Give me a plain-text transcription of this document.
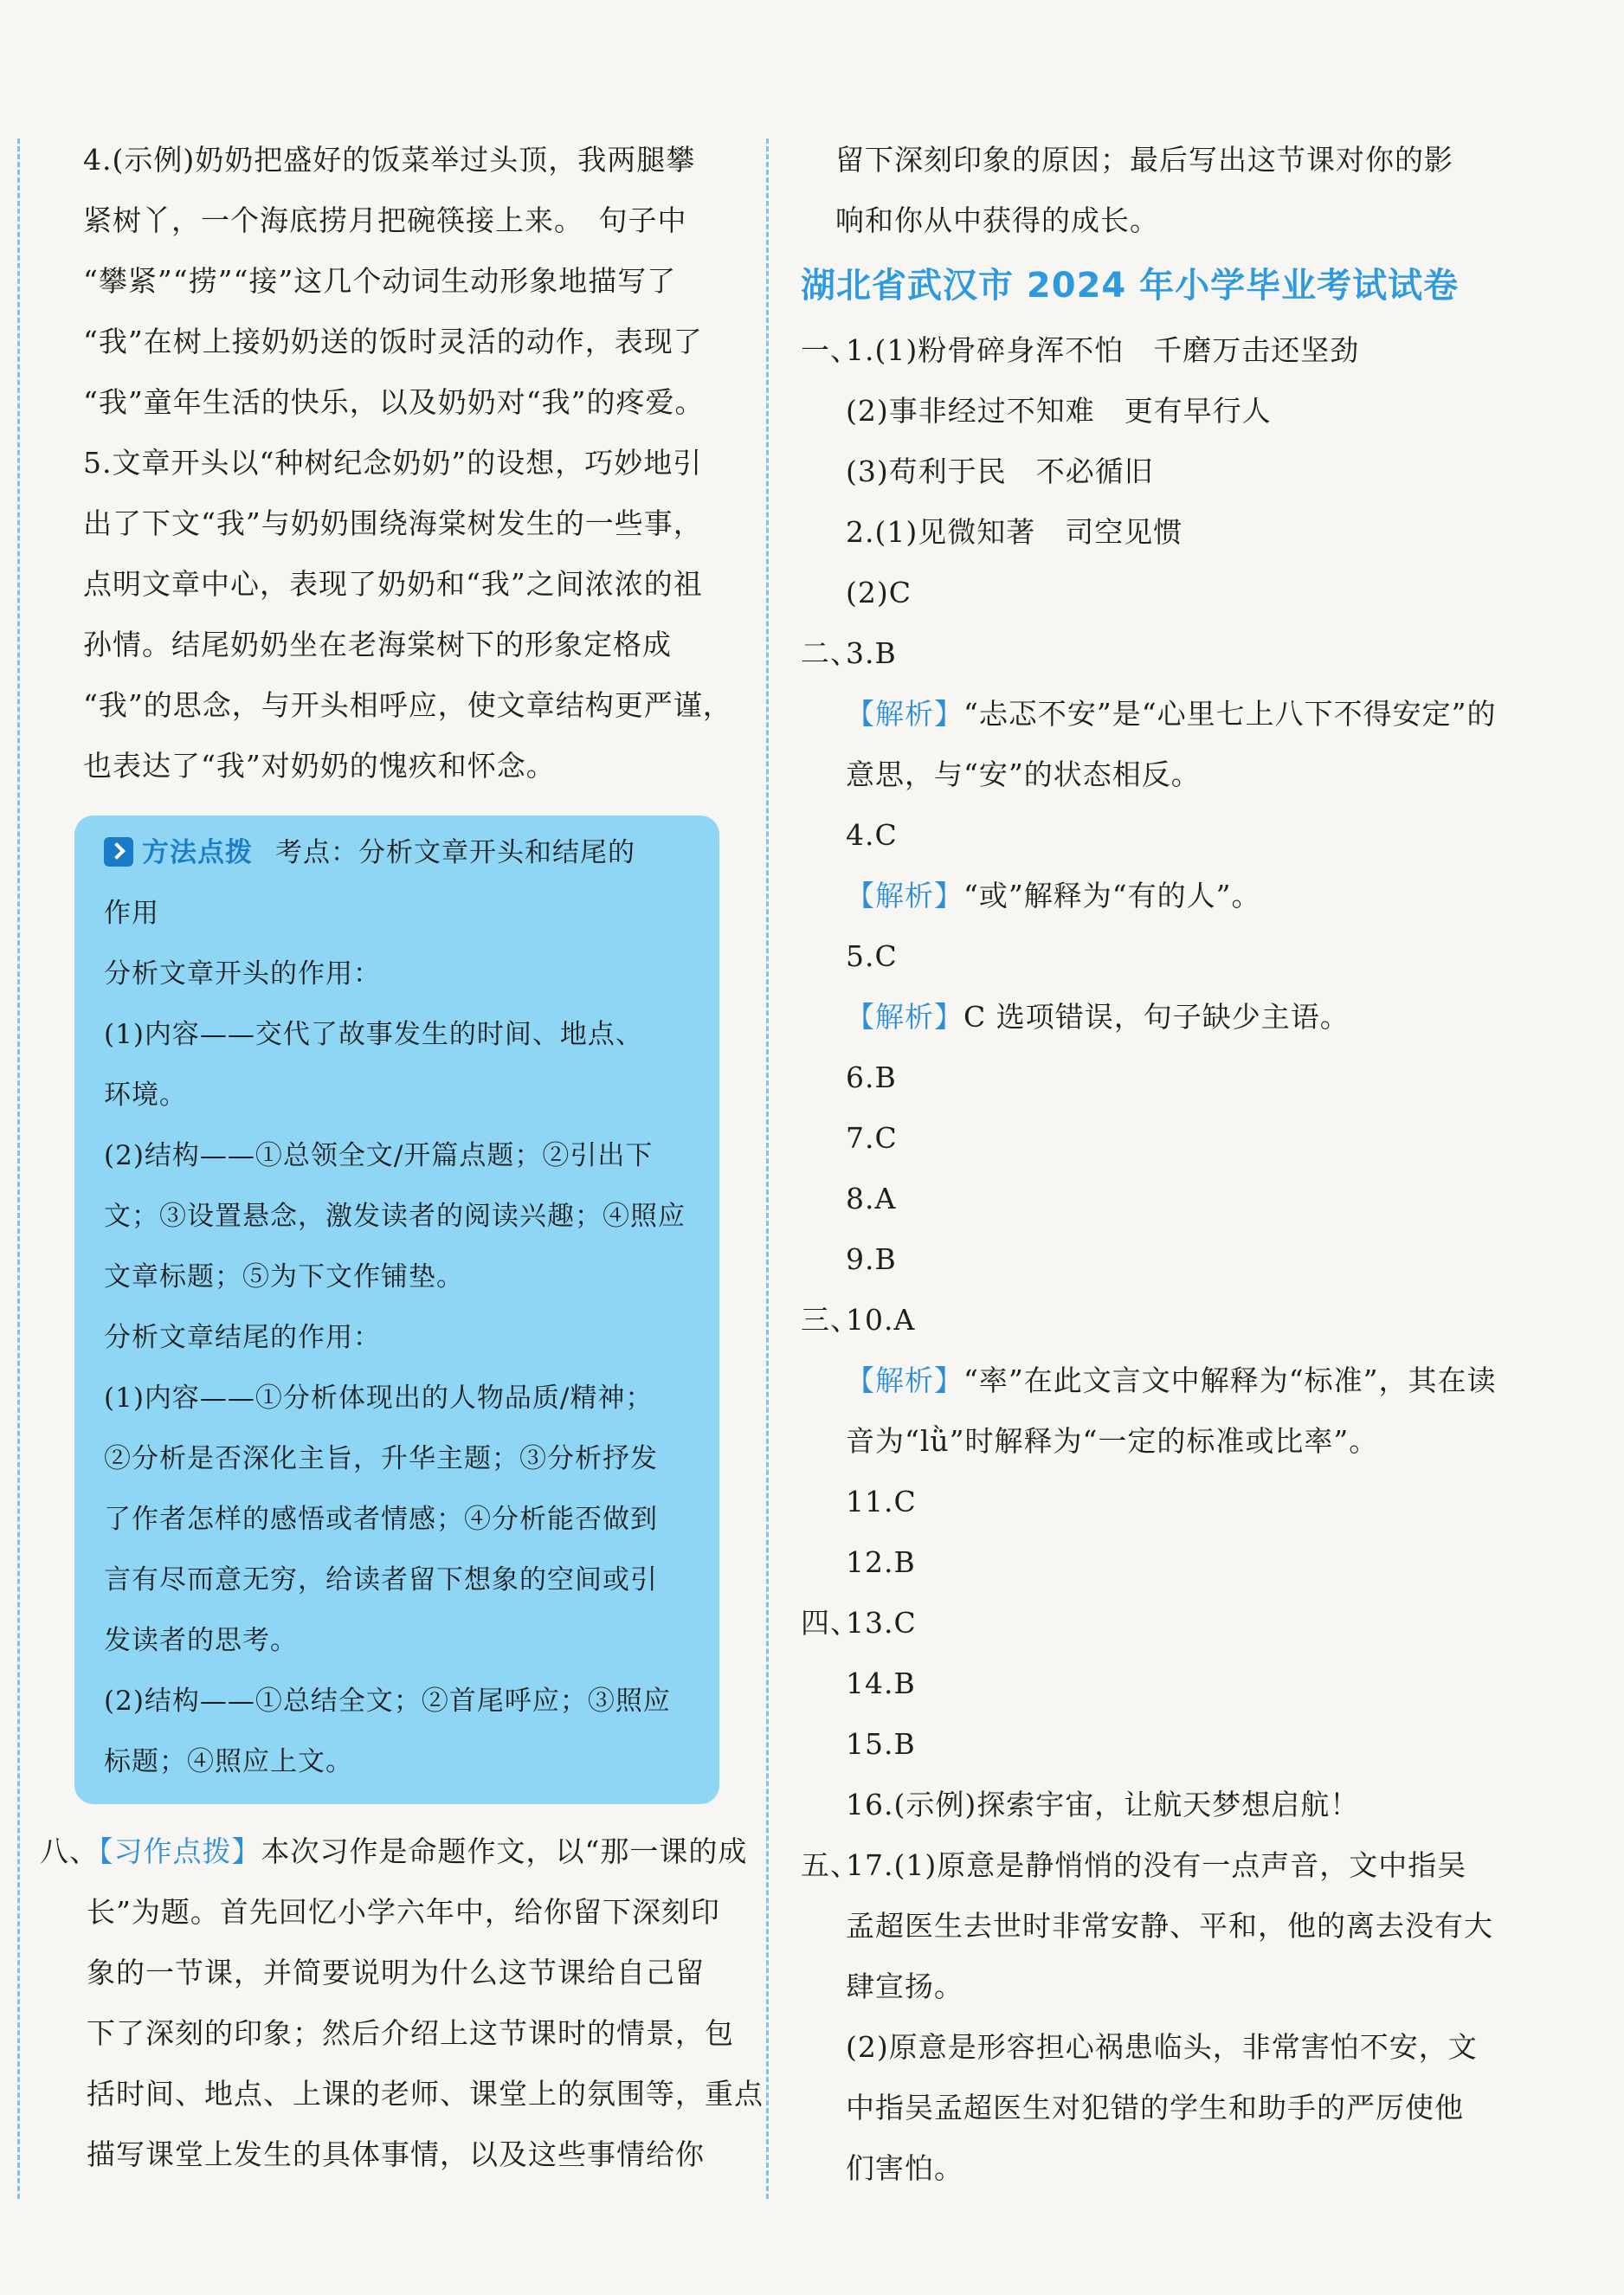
4.(示例)奶奶把盛好的饭菜举过头顶，我两腿攀
紧树丫，一个海底捞月把碗筷接上来。　句子中
“攀紧”“捞”“接”这几个动词生动形象地描写了
“我”在树上接奶奶送的饭时灵活的动作，表现了
“我”童年生活的快乐，以及奶奶对“我”的疼爱。
5.文章开头以“种树纪念奶奶”的设想，巧妙地引
出了下文“我”与奶奶围绕海棠树发生的一些事，
点明文章中心，表现了奶奶和“我”之间浓浓的祖
孙情。结尾奶奶坐在老海棠树下的形象定格成
“我”的思念，与开头相呼应，使文章结构更严谨，
也表达了“我”对奶奶的愧疚和怀念。
方法点拨 考点：分析文章开头和结尾的
作用
分析文章开头的作用：
(1)内容——交代了故事发生的时间、地点、
环境。
(2)结构——①总领全文/开篇点题；②引出下
文；③设置悬念，激发读者的阅读兴趣；④照应
文章标题；⑤为下文作铺垫。
分析文章结尾的作用：
(1)内容——①分析体现出的人物品质/精神；
②分析是否深化主旨，升华主题；③分析抒发
了作者怎样的感悟或者情感；④分析能否做到
言有尽而意无穷，给读者留下想象的空间或引
发读者的思考。
(2)结构——①总结全文；②首尾呼应；③照应
标题；④照应上文。
八、【习作点拨】本次习作是命题作文，以“那一课的成
长”为题。首先回忆小学六年中，给你留下深刻印
象的一节课，并简要说明为什么这节课给自己留
下了深刻的印象；然后介绍上这节课时的情景，包
括时间、地点、上课的老师、课堂上的氛围等，重点
描写课堂上发生的具体事情，以及这些事情给你
留下深刻印象的原因；最后写出这节课对你的影
响和你从中获得的成长。
湖北省武汉市 2024 年小学毕业考试试卷
一、1.(1)粉骨碎身浑不怕　千磨万击还坚劲
(2)事非经过不知难　更有早行人
(3)苟利于民　不必循旧
2.(1)见微知著　司空见惯
(2)C
二、3.B
【解析】“忐忑不安”是“心里七上八下不得安定”的
意思，与“安”的状态相反。
4.C
【解析】“或”解释为“有的人”。
5.C
【解析】C 选项错误，句子缺少主语。
6.B
7.C
8.A
9.B
三、10.A
【解析】“率”在此文言文中解释为“标准”，其在读
音为“lǜ”时解释为“一定的标准或比率”。
11.C
12.B
四、13.C
14.B
15.B
16.(示例)探索宇宙，让航天梦想启航！
五、17.(1)原意是静悄悄的没有一点声音，文中指吴
孟超医生去世时非常安静、平和，他的离去没有大
肆宣扬。
(2)原意是形容担心祸患临头，非常害怕不安，文
中指吴孟超医生对犯错的学生和助手的严厉使他
们害怕。
